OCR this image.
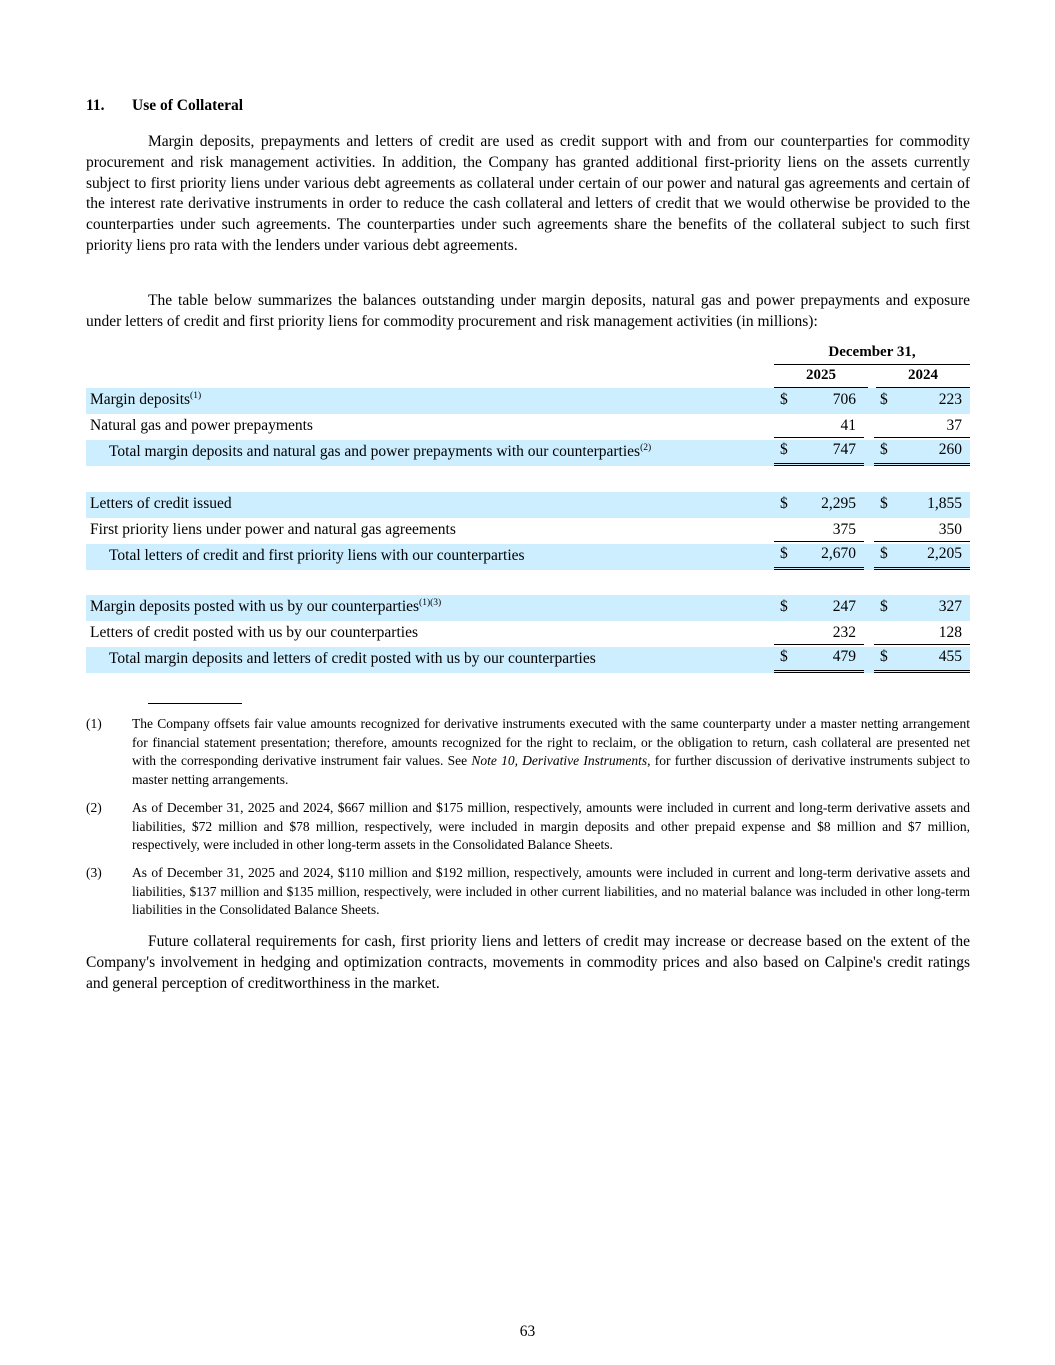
11. Use of Collateral
Margin deposits, prepayments and letters of credit are used as credit support with and from our counterparties for commodity procurement and risk management activities. In addition, the Company has granted additional first-priority liens on the assets currently subject to first priority liens under various debt agreements as collateral under certain of our power and natural gas agreements and certain of the interest rate derivative instruments in order to reduce the cash collateral and letters of credit that we would otherwise be provided to the counterparties under such agreements. The counterparties under such agreements share the benefits of the collateral subject to such first priority liens pro rata with the lenders under various debt agreements.
The table below summarizes the balances outstanding under margin deposits, natural gas and power prepayments and exposure under letters of credit and first priority liens for commodity procurement and risk management activities (in millions):
December 31,
2025	2024
Margin deposits$^{(1)}$	$	706 $	223
Natural gas and power prepayments	41	37
Total margin deposits and natural gas and power prepayments with our counterparties$^{(2)}$	$	747 $	260
Letters of credit issued	$ 2,295 $	1,855
First priority liens under power and natural gas agreements	375	350
Total letters of credit and first priority liens with our counterparties	$ 2,670 $	2,205
Margin deposits posted with us by our counterparties$^{(1)(3)}$	$	247 $	327
Letters of credit posted with us by our counterparties	232	128
Total margin deposits and letters of credit posted with us by our counterparties	$	479 $	455
(1) The Company offsets fair value amounts recognized for derivative instruments executed with the same counterparty under a master netting arrangement for financial statement presentation; therefore, amounts recognized for the right to reclaim, or the obligation to return, cash collateral are presented net with the corresponding derivative instrument fair values. See Note 10, Derivative Instruments, for further discussion of derivative instruments subject to master netting arrangements.
(2) As of December 31, 2025 and 2024, $667 million and $175 million, respectively, amounts were included in current and long-term derivative assets and liabilities, $72 million and $78 million, respectively, were included in margin deposits and other prepaid expense and $8 million and $7 million, respectively, were included in other long-term assets in the Consolidated Balance Sheets.
(3) As of December 31, 2025 and 2024, $110 million and $192 million, respectively, amounts were included in current and long-term derivative assets and liabilities, $137 million and $135 million, respectively, were included in other current liabilities, and no material balance was included in other long-term liabilities in the Consolidated Balance Sheets.
Future collateral requirements for cash, first priority liens and letters of credit may increase or decrease based on the extent of the Company's involvement in hedging and optimization contracts, movements in commodity prices and also based on Calpine's credit ratings and general perception of creditworthiness in the market.
63
